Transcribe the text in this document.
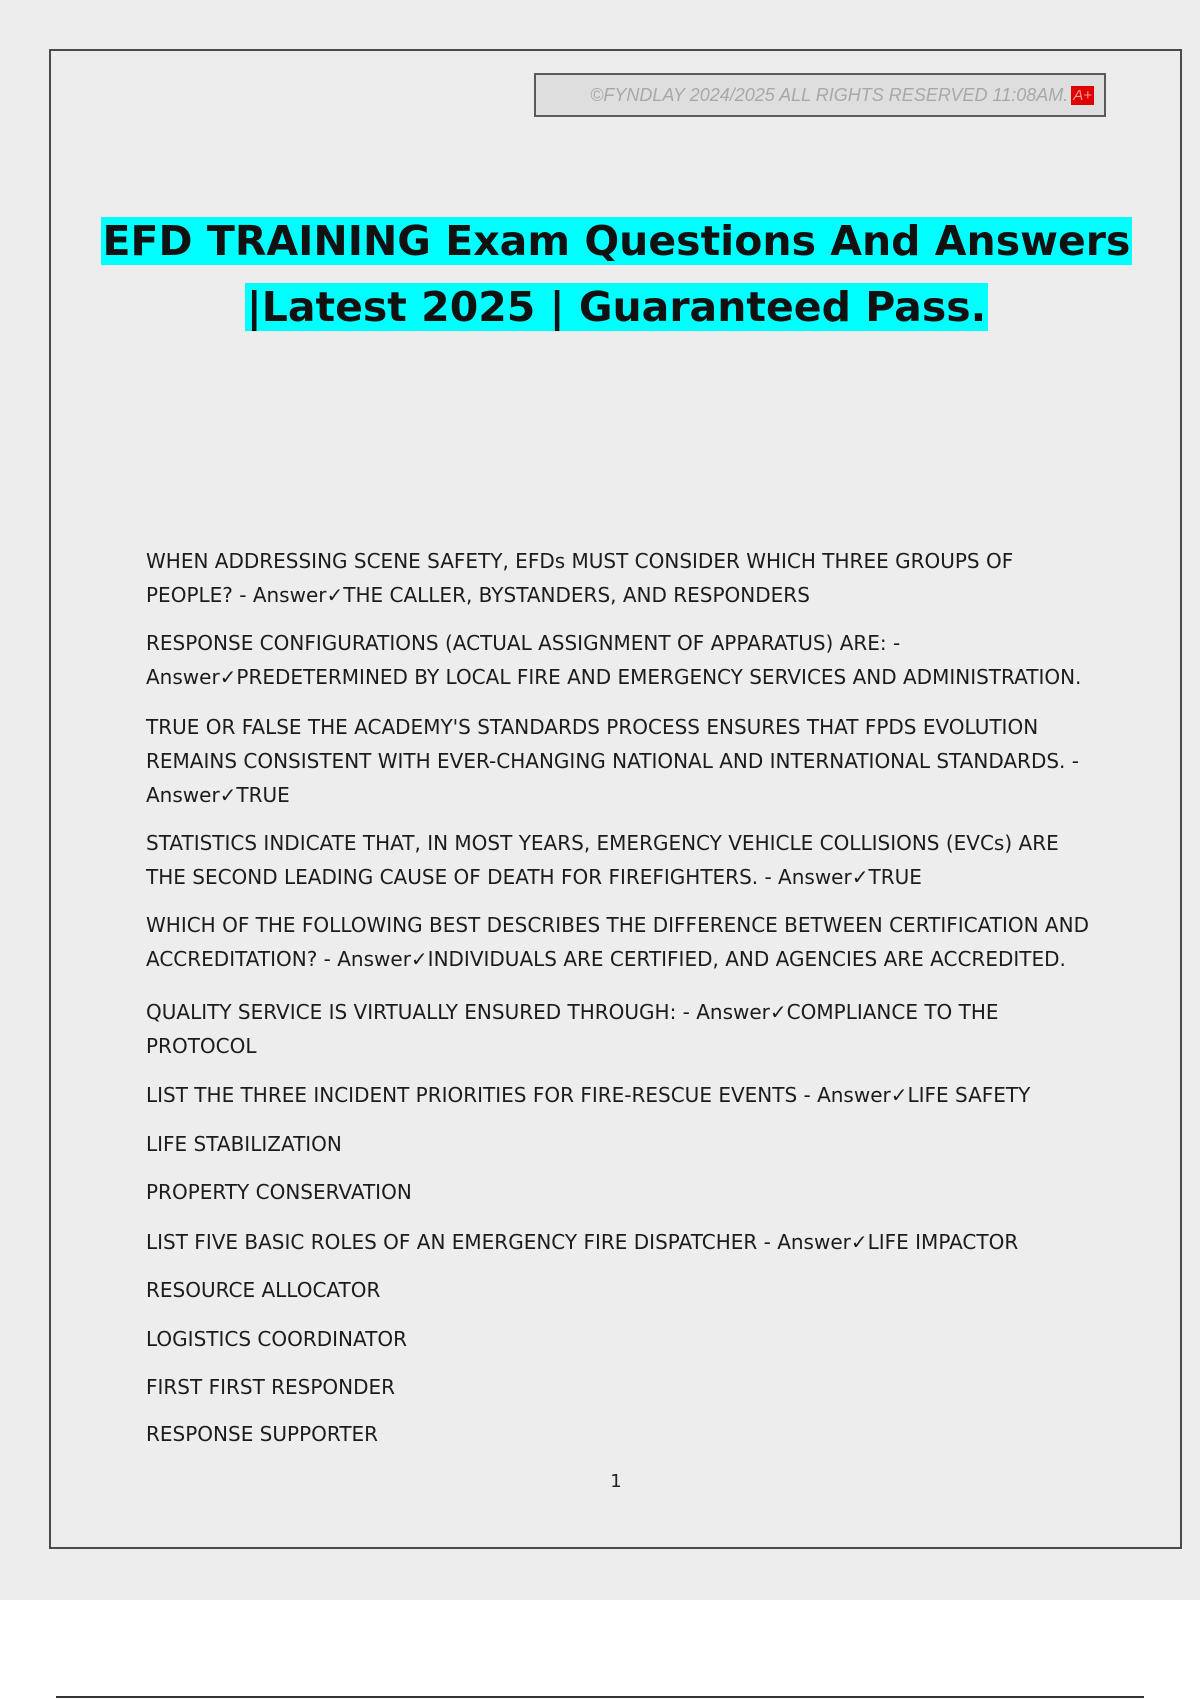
©FYNDLAY 2024/2025 ALL RIGHTS RESERVED 11:08AM. A+
EFD TRAINING Exam Questions And Answers
|Latest 2025 | Guaranteed Pass.

WHEN ADDRESSING SCENE SAFETY, EFDs MUST CONSIDER WHICH THREE GROUPS OF PEOPLE? - Answer✓THE CALLER, BYSTANDERS, AND RESPONDERS

RESPONSE CONFIGURATIONS (ACTUAL ASSIGNMENT OF APPARATUS) ARE: - Answer✓PREDETERMINED BY LOCAL FIRE AND EMERGENCY SERVICES AND ADMINISTRATION.

TRUE OR FALSE THE ACADEMY'S STANDARDS PROCESS ENSURES THAT FPDS EVOLUTION REMAINS CONSISTENT WITH EVER-CHANGING NATIONAL AND INTERNATIONAL STANDARDS. - Answer✓TRUE

STATISTICS INDICATE THAT, IN MOST YEARS, EMERGENCY VEHICLE COLLISIONS (EVCs) ARE THE SECOND LEADING CAUSE OF DEATH FOR FIREFIGHTERS. - Answer✓TRUE

WHICH OF THE FOLLOWING BEST DESCRIBES THE DIFFERENCE BETWEEN CERTIFICATION AND ACCREDITATION? - Answer✓INDIVIDUALS ARE CERTIFIED, AND AGENCIES ARE ACCREDITED.

QUALITY SERVICE IS VIRTUALLY ENSURED THROUGH: - Answer✓COMPLIANCE TO THE PROTOCOL

LIST THE THREE INCIDENT PRIORITIES FOR FIRE-RESCUE EVENTS - Answer✓LIFE SAFETY

LIFE STABILIZATION

PROPERTY CONSERVATION

LIST FIVE BASIC ROLES OF AN EMERGENCY FIRE DISPATCHER - Answer✓LIFE IMPACTOR

RESOURCE ALLOCATOR

LOGISTICS COORDINATOR

FIRST FIRST RESPONDER

RESPONSE SUPPORTER

1
